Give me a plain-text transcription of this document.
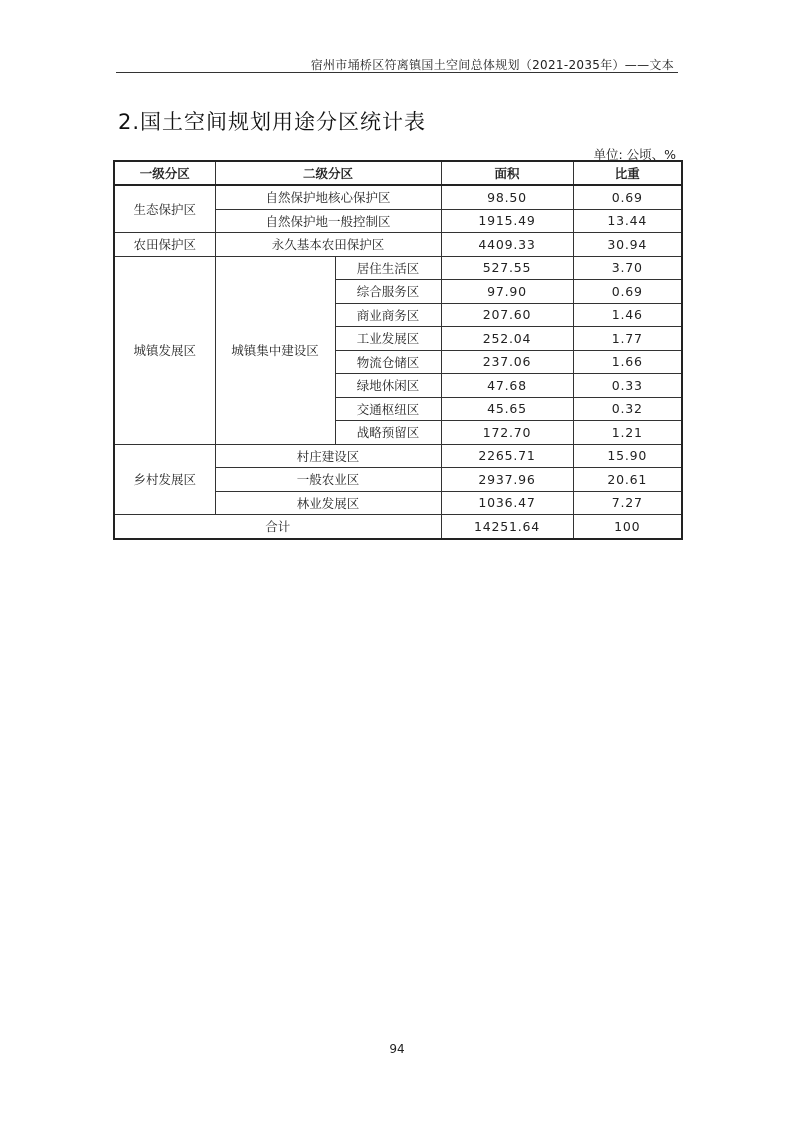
宿州市埇桥区符离镇国土空间总体规划（2021-2035年）——文本
2.国土空间规划用途分区统计表
单位: 公顷、%
一级分区	二级分区		面积	比重
生态保护区	自然保护地核心保护区		98.50	0.69
	自然保护地一般控制区		1915.49	13.44
农田保护区	永久基本农田保护区		4409.33	30.94
城镇发展区	城镇集中建设区	居住生活区	527.55	3.70
		综合服务区	97.90	0.69
		商业商务区	207.60	1.46
		工业发展区	252.04	1.77
		物流仓储区	237.06	1.66
		绿地休闲区	47.68	0.33
		交通枢纽区	45.65	0.32
		战略预留区	172.70	1.21
乡村发展区	村庄建设区		2265.71	15.90
	一般农业区		2937.96	20.61
	林业发展区		1036.47	7.27
合计			14251.64	100
94
